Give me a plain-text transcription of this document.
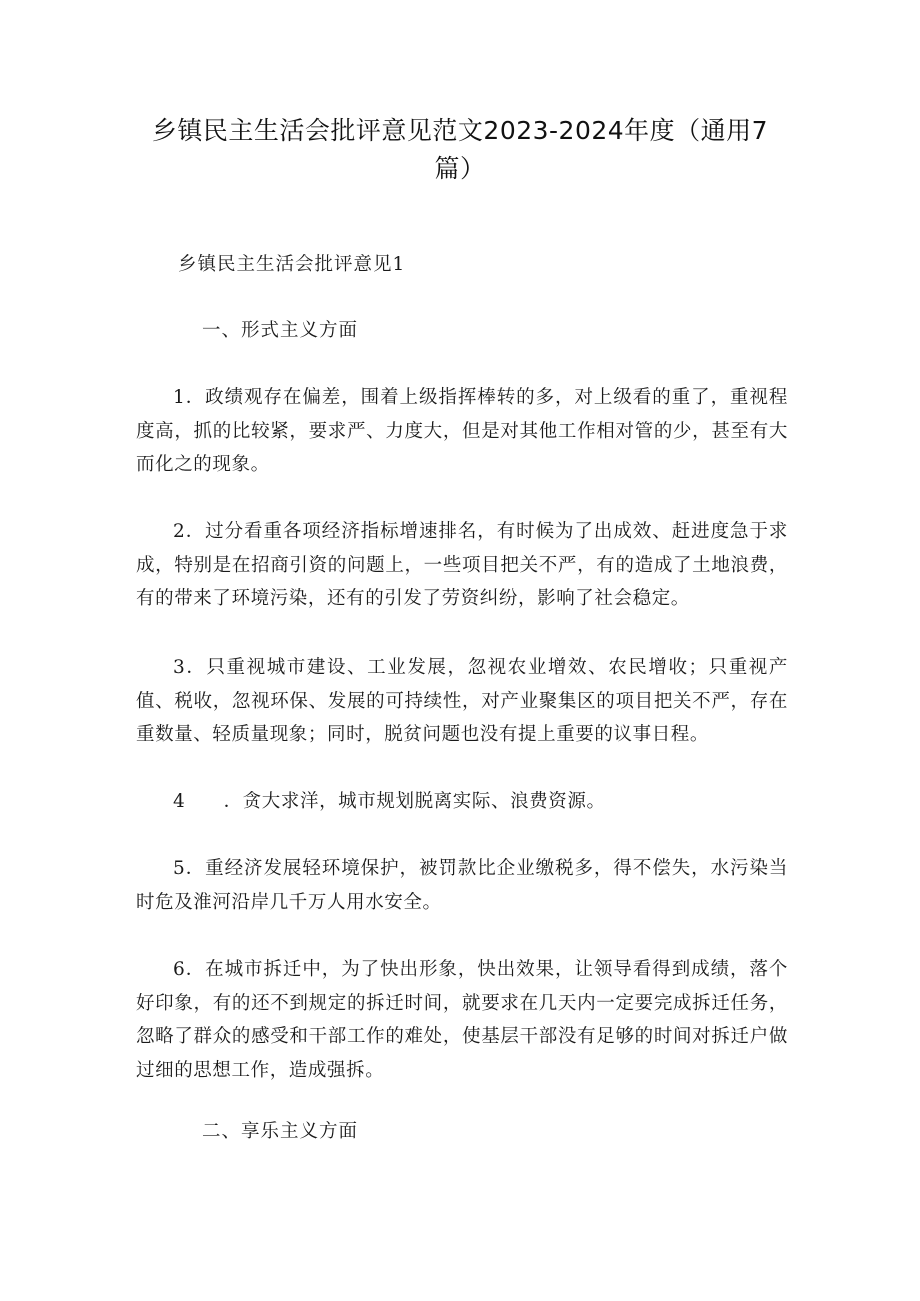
乡镇民主生活会批评意见范文2023-2024年度（通用7篇）

乡镇民主生活会批评意见1

一、形式主义方面

1．政绩观存在偏差，围着上级指挥棒转的多，对上级看的重了，重视程度高，抓的比较紧，要求严、力度大，但是对其他工作相对管的少，甚至有大而化之的现象。

2．过分看重各项经济指标增速排名，有时候为了出成效、赶进度急于求成，特别是在招商引资的问题上，一些项目把关不严，有的造成了土地浪费，有的带来了环境污染，还有的引发了劳资纠纷，影响了社会稳定。

3．只重视城市建设、工业发展，忽视农业增效、农民增收；只重视产值、税收，忽视环保、发展的可持续性，对产业聚集区的项目把关不严，存在重数量、轻质量现象；同时，脱贫问题也没有提上重要的议事日程。

4　　．贪大求洋，城市规划脱离实际、浪费资源。

5．重经济发展轻环境保护，被罚款比企业缴税多，得不偿失，水污染当时危及淮河沿岸几千万人用水安全。

6．在城市拆迁中，为了快出形象，快出效果，让领导看得到成绩，落个好印象，有的还不到规定的拆迁时间，就要求在几天内一定要完成拆迁任务，忽略了群众的感受和干部工作的难处，使基层干部没有足够的时间对拆迁户做过细的思想工作，造成强拆。

二、享乐主义方面
